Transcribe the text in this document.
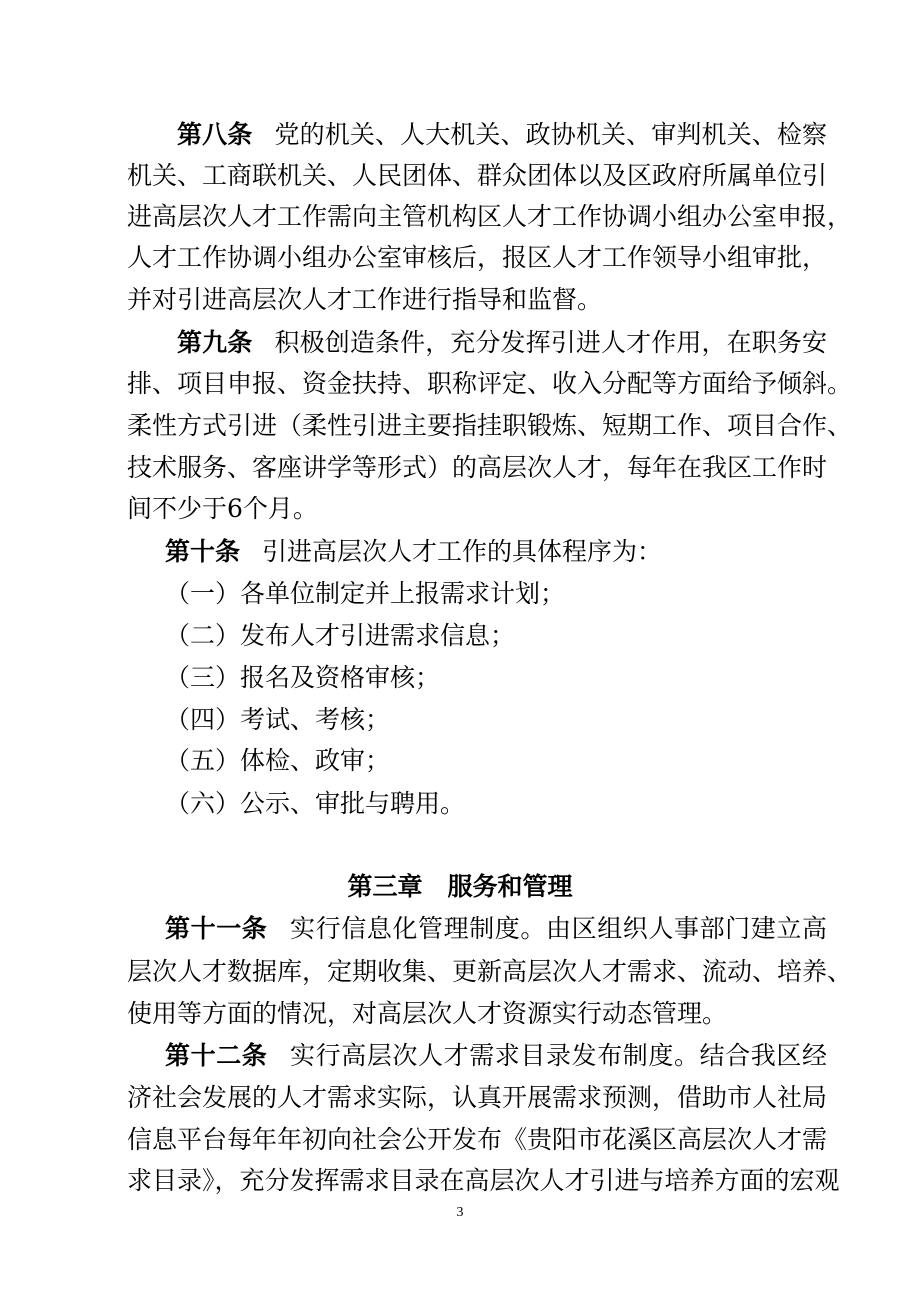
第八条 党的机关、人大机关、政协机关、审判机关、检察
机关、工商联机关、人民团体、群众团体以及区政府所属单位引
进高层次人才工作需向主管机构区人才工作协调小组办公室申报，
人才工作协调小组办公室审核后，报区人才工作领导小组审批，
并对引进高层次人才工作进行指导和监督。
第九条 积极创造条件，充分发挥引进人才作用，在职务安
排、项目申报、资金扶持、职称评定、收入分配等方面给予倾斜。
柔性方式引进（柔性引进主要指挂职锻炼、短期工作、项目合作、
技术服务、客座讲学等形式）的高层次人才，每年在我区工作时
间不少于6个月。
第十条 引进高层次人才工作的具体程序为：
（一）各单位制定并上报需求计划；
（二）发布人才引进需求信息；
（三）报名及资格审核；
（四）考试、考核；
（五）体检、政审；
（六）公示、审批与聘用。
第三章　服务和管理
第十一条 实行信息化管理制度。由区组织人事部门建立高
层次人才数据库，定期收集、更新高层次人才需求、流动、培养、
使用等方面的情况，对高层次人才资源实行动态管理。
第十二条 实行高层次人才需求目录发布制度。结合我区经
济社会发展的人才需求实际，认真开展需求预测，借助市人社局
信息平台每年年初向社会公开发布《贵阳市花溪区高层次人才需
求目录》，充分发挥需求目录在高层次人才引进与培养方面的宏观
3
